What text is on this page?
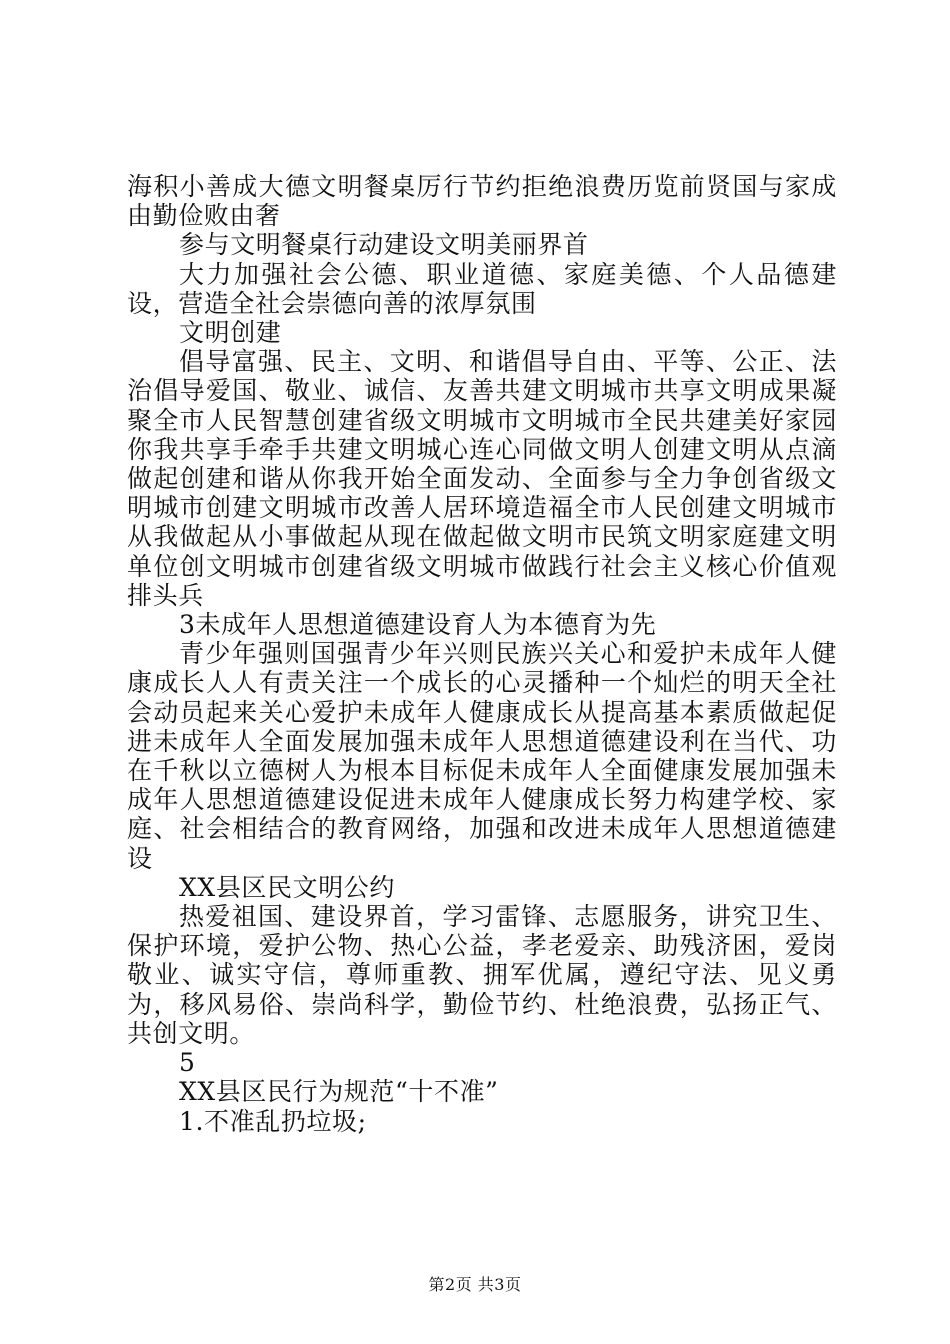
海积小善成大德文明餐桌厉行节约拒绝浪费历览前贤国与家成由勤俭败由奢

参与文明餐桌行动建设文明美丽界首

大力加强社会公德、职业道德、家庭美德、个人品德建设，营造全社会崇德向善的浓厚氛围

文明创建

倡导富强、民主、文明、和谐倡导自由、平等、公正、法治倡导爱国、敬业、诚信、友善共建文明城市共享文明成果凝聚全市人民智慧创建省级文明城市文明城市全民共建美好家园你我共享手牵手共建文明城心连心同做文明人创建文明从点滴做起创建和谐从你我开始全面发动、全面参与全力争创省级文明城市创建文明城市改善人居环境造福全市人民创建文明城市从我做起从小事做起从现在做起做文明市民筑文明家庭建文明单位创文明城市创建省级文明城市做践行社会主义核心价值观排头兵

3未成年人思想道德建设育人为本德育为先

青少年强则国强青少年兴则民族兴关心和爱护未成年人健康成长人人有责关注一个成长的心灵播种一个灿烂的明天全社会动员起来关心爱护未成年人健康成长从提高基本素质做起促进未成年人全面发展加强未成年人思想道德建设利在当代、功在千秋以立德树人为根本目标促未成年人全面健康发展加强未成年人思想道德建设促进未成年人健康成长努力构建学校、家庭、社会相结合的教育网络，加强和改进未成年人思想道德建设

XX县区民文明公约

热爱祖国、建设界首，学习雷锋、志愿服务，讲究卫生、保护环境，爱护公物、热心公益，孝老爱亲、助残济困，爱岗敬业、诚实守信，尊师重教、拥军优属，遵纪守法、见义勇为，移风易俗、崇尚科学，勤俭节约、杜绝浪费，弘扬正气、共创文明。

5

XX县区民行为规范“十不准”

1.不准乱扔垃圾;

第2页 共3页
